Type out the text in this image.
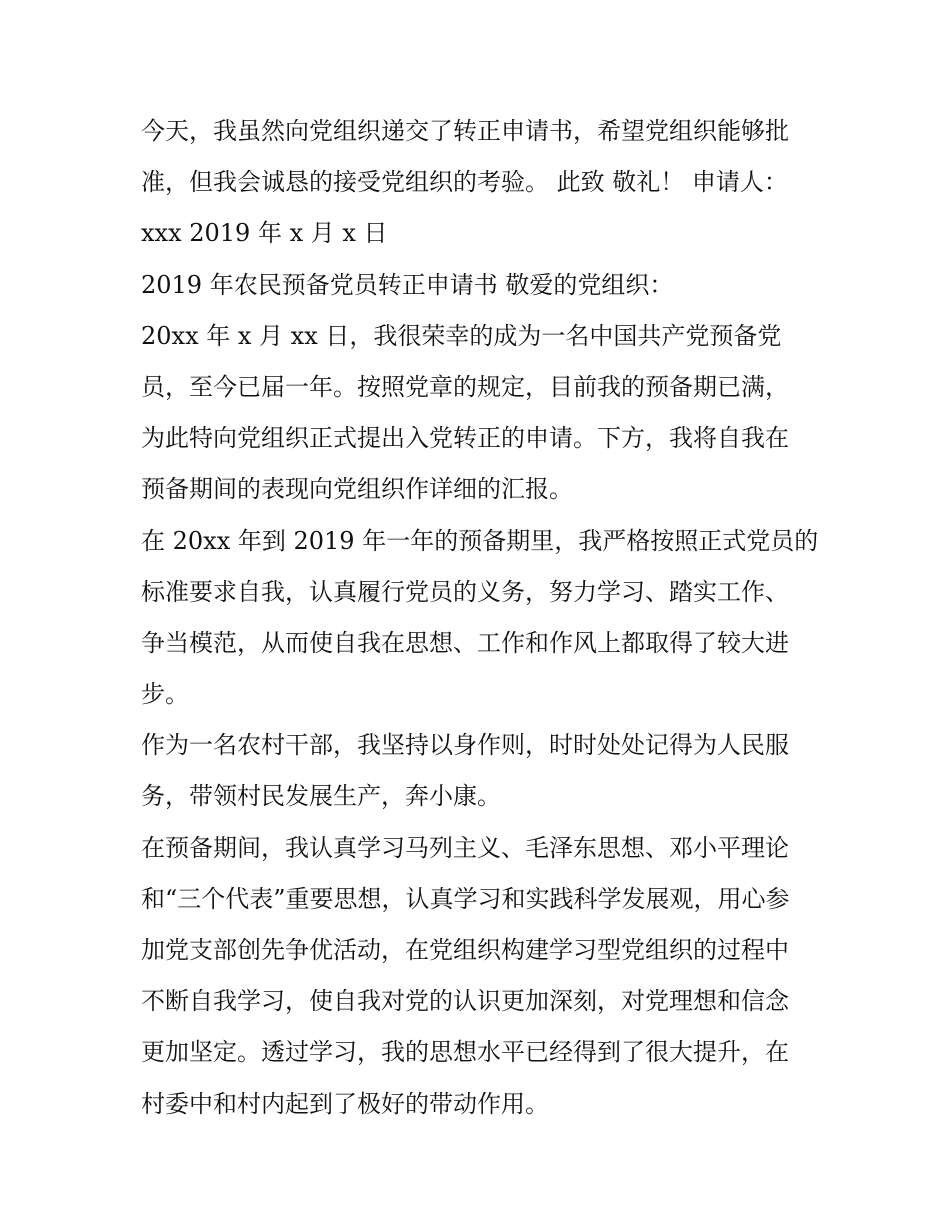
今天，我虽然向党组织递交了转正申请书，希望党组织能够批
准，但我会诚恳的接受党组织的考验。 此致 敬礼！ 申请人：
xxx 2019 年 x 月 x 日
2019 年农民预备党员转正申请书 敬爱的党组织：
20xx 年 x 月 xx 日，我很荣幸的成为一名中国共产党预备党
员，至今已届一年。按照党章的规定，目前我的预备期已满，
为此特向党组织正式提出入党转正的申请。下方，我将自我在
预备期间的表现向党组织作详细的汇报。
在 20xx 年到 2019 年一年的预备期里，我严格按照正式党员的
标准要求自我，认真履行党员的义务，努力学习、踏实工作、
争当模范，从而使自我在思想、工作和作风上都取得了较大进
步。
作为一名农村干部，我坚持以身作则，时时处处记得为人民服
务，带领村民发展生产，奔小康。
在预备期间，我认真学习马列主义、毛泽东思想、邓小平理论
和“三个代表”重要思想，认真学习和实践科学发展观，用心参
加党支部创先争优活动，在党组织构建学习型党组织的过程中
不断自我学习，使自我对党的认识更加深刻，对党理想和信念
更加坚定。透过学习，我的思想水平已经得到了很大提升，在
村委中和村内起到了极好的带动作用。
